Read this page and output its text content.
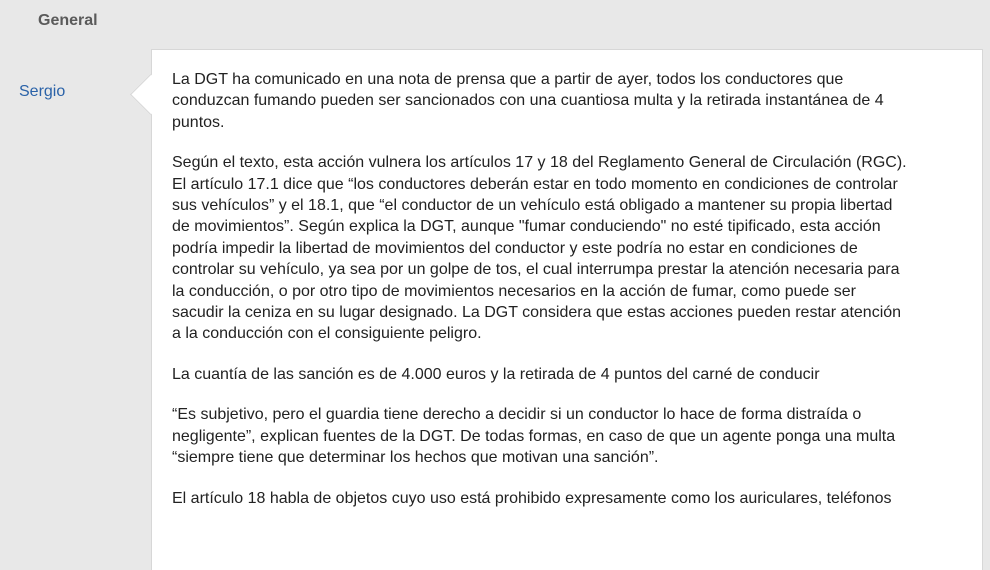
General
Sergio

La DGT ha comunicado en una nota de prensa que a partir de ayer, todos los conductores que
conduzcan fumando pueden ser sancionados con una cuantiosa multa y la retirada instantánea de 4
puntos.

Según el texto, esta acción vulnera los artículos 17 y 18 del Reglamento General de Circulación (RGC).
El artículo 17.1 dice que “los conductores deberán estar en todo momento en condiciones de controlar
sus vehículos” y el 18.1, que “el conductor de un vehículo está obligado a mantener su propia libertad
de movimientos”. Según explica la DGT, aunque "fumar conduciendo" no esté tipificado, esta acción
podría impedir la libertad de movimientos del conductor y este podría no estar en condiciones de
controlar su vehículo, ya sea por un golpe de tos, el cual interrumpa prestar la atención necesaria para
la conducción, o por otro tipo de movimientos necesarios en la acción de fumar, como puede ser
sacudir la ceniza en su lugar designado. La DGT considera que estas acciones pueden restar atención
a la conducción con el consiguiente peligro.

La cuantía de las sanción es de 4.000 euros y la retirada de 4 puntos del carné de conducir

“Es subjetivo, pero el guardia tiene derecho a decidir si un conductor lo hace de forma distraída o
negligente”, explican fuentes de la DGT. De todas formas, en caso de que un agente ponga una multa
“siempre tiene que determinar los hechos que motivan una sanción”.

El artículo 18 habla de objetos cuyo uso está prohibido expresamente como los auriculares, teléfonos
